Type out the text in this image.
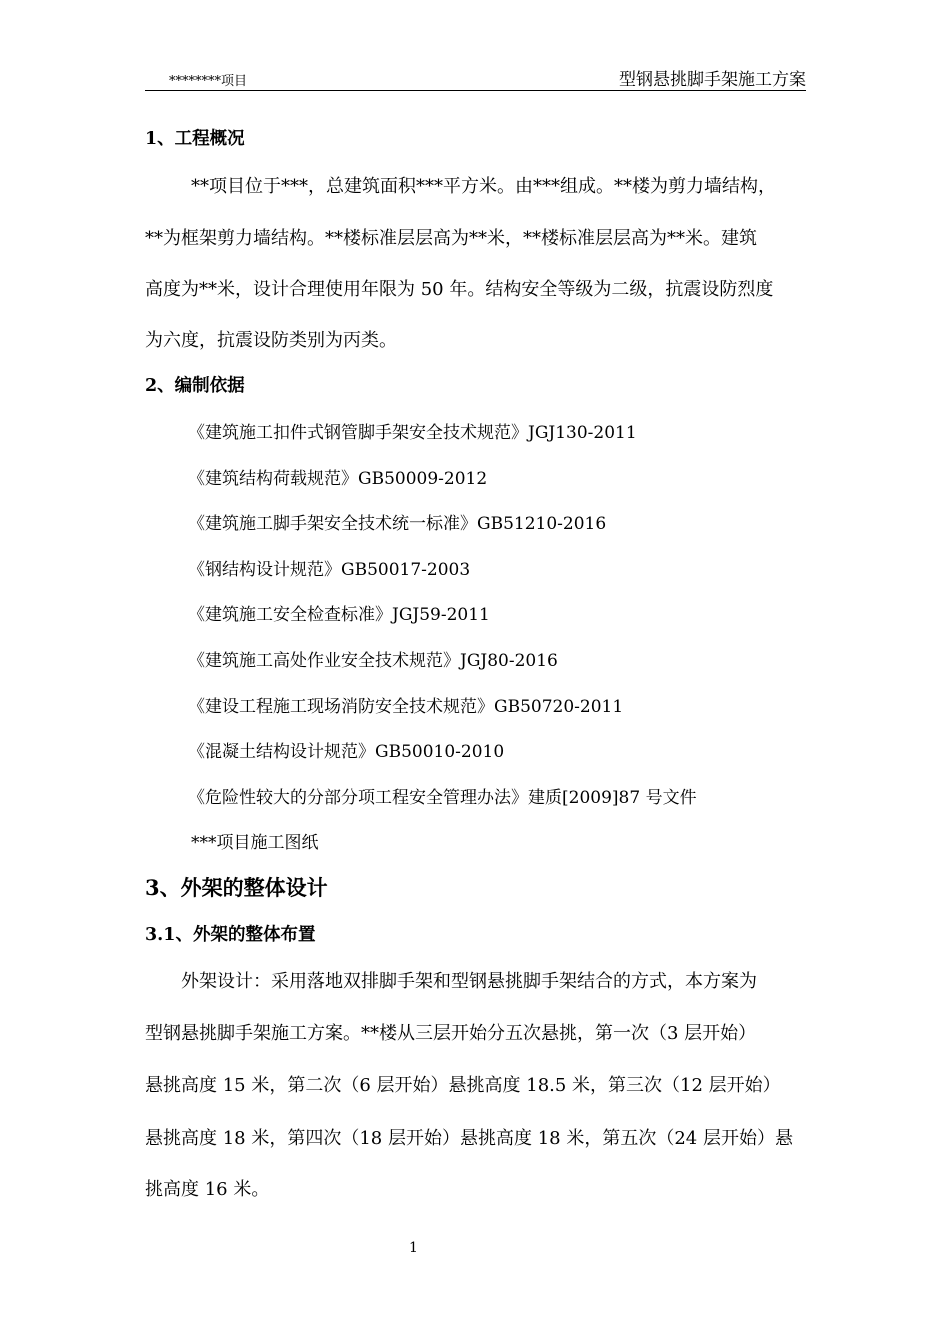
********项目	型钢悬挑脚手架施工方案
1、工程概况
**项目位于***，总建筑面积***平方米。由***组成。**楼为剪力墙结构，
**为框架剪力墙结构。**楼标准层层高为**米，**楼标准层层高为**米。建筑
高度为**米，设计合理使用年限为 50 年。结构安全等级为二级，抗震设防烈度
为六度，抗震设防类别为丙类。
2、编制依据
《建筑施工扣件式钢管脚手架安全技术规范》JGJ130-2011
《建筑结构荷载规范》GB50009-2012
《建筑施工脚手架安全技术统一标准》GB51210-2016
《钢结构设计规范》GB50017-2003
《建筑施工安全检查标准》JGJ59-2011
《建筑施工高处作业安全技术规范》JGJ80-2016
《建设工程施工现场消防安全技术规范》GB50720-2011
《混凝土结构设计规范》GB50010-2010
《危险性较大的分部分项工程安全管理办法》建质[2009]87 号文件
***项目施工图纸
3、外架的整体设计
3.1、外架的整体布置
外架设计：采用落地双排脚手架和型钢悬挑脚手架结合的方式，本方案为
型钢悬挑脚手架施工方案。**楼从三层开始分五次悬挑，第一次（3 层开始）
悬挑高度 15 米，第二次（6 层开始）悬挑高度 18.5 米，第三次（12 层开始）
悬挑高度 18 米，第四次（18 层开始）悬挑高度 18 米，第五次（24 层开始）悬
挑高度 16 米。
1
